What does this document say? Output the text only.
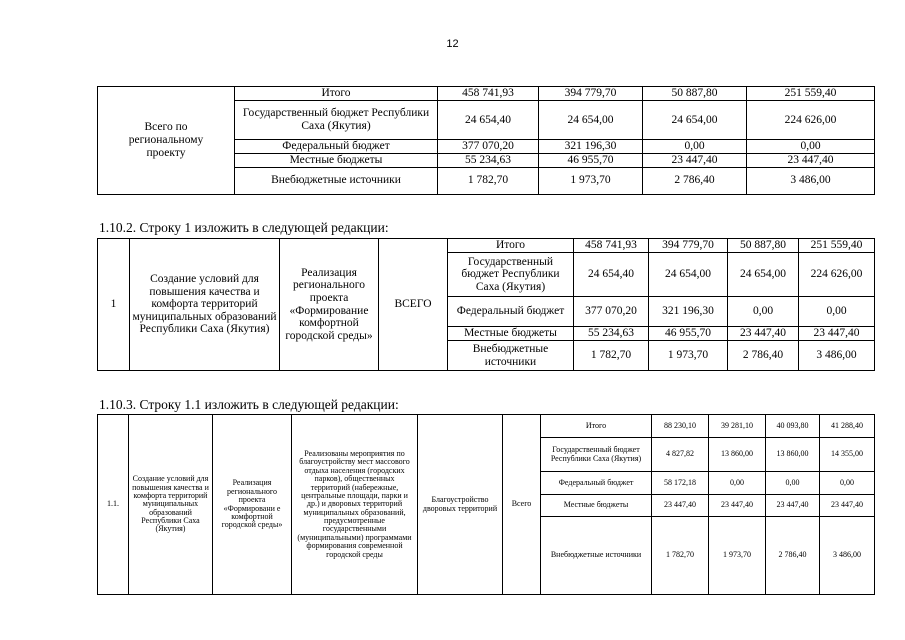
12
Всего по региональному проекту	Итого	458 741,93	394 779,70	50 887,80	251 559,40
	Государственный бюджет Республики Саха (Якутия)	24 654,40	24 654,00	24 654,00	224 626,00
	Федеральный бюджет	377 070,20	321 196,30	0,00	0,00
	Местные бюджеты	55 234,63	46 955,70	23 447,40	23 447,40
	Внебюджетные источники	1 782,70	1 973,70	2 786,40	3 486,00
1.10.2. Строку 1 изложить в следующей редакции:
1	Создание условий для повышения качества и комфорта территорий муниципальных образований Республики Саха (Якутия)	Реализация регионального проекта «Формирование комфортной городской среды»	ВСЕГО	Итого	458 741,93	394 779,70	50 887,80	251 559,40
				Государственный бюджет Республики Саха (Якутия)	24 654,40	24 654,00	24 654,00	224 626,00
				Федеральный бюджет	377 070,20	321 196,30	0,00	0,00
				Местные бюджеты	55 234,63	46 955,70	23 447,40	23 447,40
				Внебюджетные источники	1 782,70	1 973,70	2 786,40	3 486,00
1.10.3. Строку 1.1 изложить в следующей редакции:
1.1.	Создание условий для повышения качества и комфорта территорий муниципальных образований Республики Саха (Якутия)	Реализация регионального проекта «Формировани е комфортной городской среды»	Реализованы мероприятия по благоустройству мест массового отдыха населения (городских парков), общественных территорий (набережные, центральные площади, парки и др.) и дворовых территорий муниципальных образований, предусмотренные государственными (муниципальными) программами формирования современной городской среды	Благоустройство дворовых территорий	Всего	Итого	88 230,10	39 281,10	40 093,80	41 288,40
						Государственный бюджет Республики Саха (Якутия)	4 827,82	13 860,00	13 860,00	14 355,00
						Федеральный бюджет	58 172,18	0,00	0,00	0,00
						Местные бюджеты	23 447,40	23 447,40	23 447,40	23 447,40
						Внебюджетные источники	1 782,70	1 973,70	2 786,40	3 486,00
